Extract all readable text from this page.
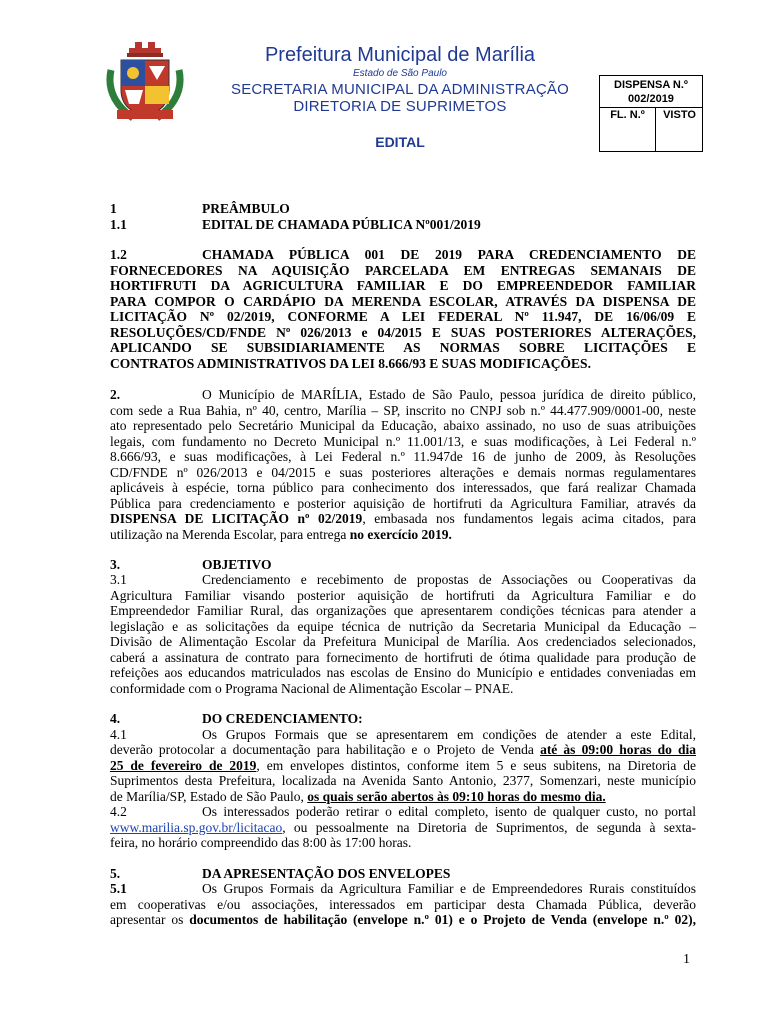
Prefeitura Municipal de Marília
Estado de São Paulo
SECRETARIA MUNICIPAL DA ADMINISTRAÇÃO
DIRETORIA DE SUPRIMETOS
EDITAL
DISPENSA N.º
002/2019
FL. N.º	VISTO
1	PREÂMBULO
1.1	EDITAL DE CHAMADA PÚBLICA Nº001/2019
1.2	CHAMADA PÚBLICA 001 DE 2019 PARA CREDENCIAMENTO DE
FORNECEDORES NA AQUISIÇÃO PARCELADA EM ENTREGAS SEMANAIS DE
HORTIFRUTI DA AGRICULTURA FAMILIAR E DO EMPREENDEDOR FAMILIAR
PARA COMPOR O CARDÁPIO DA MERENDA ESCOLAR, ATRAVÉS DA DISPENSA DE
LICITAÇÃO Nº 02/2019, CONFORME A LEI FEDERAL Nº 11.947, DE 16/06/09 E
RESOLUÇÕES/CD/FNDE Nº 026/2013 e 04/2015 E SUAS POSTERIORES ALTERAÇÕES,
APLICANDO SE SUBSIDIARIAMENTE AS NORMAS SOBRE LICITAÇÕES E
CONTRATOS ADMINISTRATIVOS DA LEI 8.666/93 E SUAS MODIFICAÇÕES.
2.	O Município de MARÍLIA, Estado de São Paulo, pessoa jurídica de direito público,
com sede a Rua Bahia, nº 40, centro, Marília – SP, inscrito no CNPJ sob n.º 44.477.909/0001-00, neste
ato representado pelo Secretário Municipal da Educação, abaixo assinado, no uso de suas atribuições
legais, com fundamento no Decreto Municipal n.º 11.001/13, e suas modificações, à Lei Federal n.º
8.666/93, e suas modificações, à Lei Federal n.º 11.947de 16 de junho de 2009, às Resoluções
CD/FNDE nº 026/2013 e 04/2015 e suas posteriores alterações e demais normas regulamentares
aplicáveis à espécie, torna público para conhecimento dos interessados, que fará realizar Chamada
Pública para credenciamento e posterior aquisição de hortifruti da Agricultura Familiar, através da
DISPENSA DE LICITAÇÃO nº 02/2019, embasada nos fundamentos legais acima citados, para
utilização na Merenda Escolar, para entrega no exercício 2019.
3.	OBJETIVO
3.1	Credenciamento e recebimento de propostas de Associações ou Cooperativas da
Agricultura Familiar visando posterior aquisição de hortifruti da Agricultura Familiar e do
Empreendedor Familiar Rural, das organizações que apresentarem condições técnicas para atender a
legislação e as solicitações da equipe técnica de nutrição da Secretaria Municipal da Educação –
Divisão de Alimentação Escolar da Prefeitura Municipal de Marília. Aos credenciados selecionados,
caberá a assinatura de contrato para fornecimento de hortifruti de ótima qualidade para produção de
refeições aos educandos matriculados nas escolas de Ensino do Município e entidades conveniadas em
conformidade com o Programa Nacional de Alimentação Escolar – PNAE.
4.	DO CREDENCIAMENTO:
4.1	Os Grupos Formais que se apresentarem em condições de atender a este Edital,
deverão protocolar a documentação para habilitação e o Projeto de Venda até às 09:00 horas do dia
25 de fevereiro de 2019, em envelopes distintos, conforme item 5 e seus subitens, na Diretoria de
Suprimentos desta Prefeitura, localizada na Avenida Santo Antonio, 2377, Somenzari, neste município
de Marília/SP, Estado de São Paulo, os quais serão abertos às 09:10 horas do mesmo dia.
4.2	Os interessados poderão retirar o edital completo, isento de qualquer custo, no portal
www.marilia.sp.gov.br/licitacao, ou pessoalmente na Diretoria de Suprimentos, de segunda à sexta-
feira, no horário compreendido das 8:00 às 17:00 horas.
5.	DA APRESENTAÇÃO DOS ENVELOPES
5.1	Os Grupos Formais da Agricultura Familiar e de Empreendedores Rurais constituídos
em cooperativas e/ou associações, interessados em participar desta Chamada Pública, deverão
apresentar os documentos de habilitação (envelope n.º 01) e o Projeto de Venda (envelope n.º 02),
1
